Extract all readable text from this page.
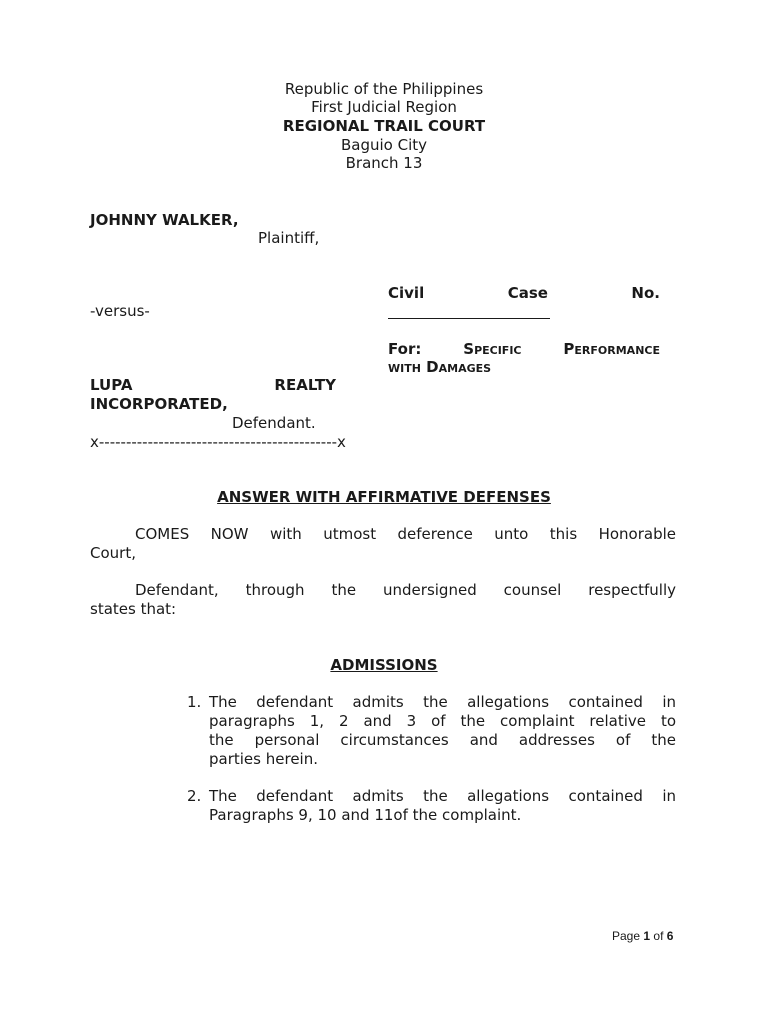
Republic of the Philippines
First Judicial Region
REGIONAL TRAIL COURT
Baguio City
Branch 13
JOHNNY WALKER,
Plaintiff,
Civil	Case	No.
-versus-
For:	Specific	Performance
with Damages
LUPA	REALTY
INCORPORATED,
Defendant.
x--------------------------------------------x
ANSWER WITH AFFIRMATIVE DEFENSES
COMES NOW with utmost deference unto this Honorable
Court,
Defendant, through the undersigned counsel respectfully
states that:
ADMISSIONS
1. The defendant admits the allegations contained in
paragraphs 1, 2 and 3 of the complaint relative to
the personal circumstances and addresses of the
parties herein.
2. The defendant admits the allegations contained in
Paragraphs 9, 10 and 11of the complaint.
Page 1 of 6
